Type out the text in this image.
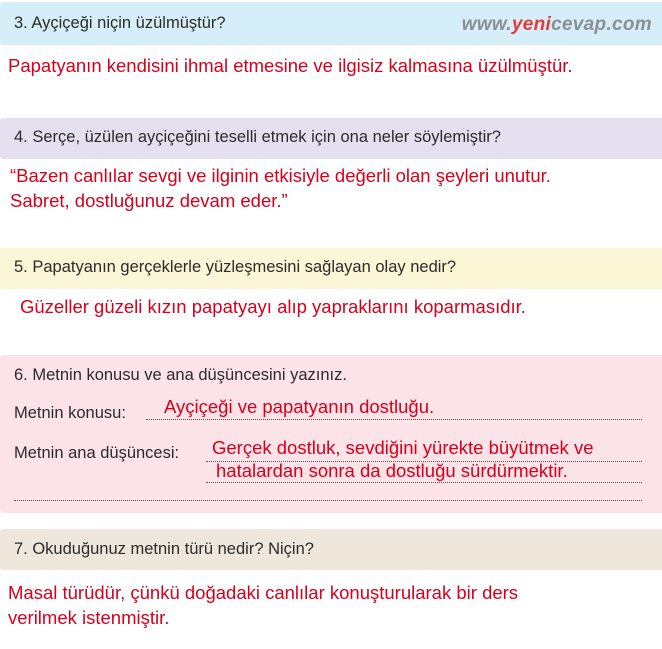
3. Ayçiçeği niçin üzülmüştür?	www.yenicevap.com
Papatyanın kendisini ihmal etmesine ve ilgisiz kalmasına üzülmüştür.
4. Serçe, üzülen ayçiçeğini teselli etmek için ona neler söylemiştir?
“Bazen canlılar sevgi ve ilginin etkisiyle değerli olan şeyleri unutur.
Sabret, dostluğunuz devam eder.”
5. Papatyanın gerçeklerle yüzleşmesini sağlayan olay nedir?
Güzeller güzeli kızın papatyayı alıp yapraklarını koparmasıdır.
6. Metnin konusu ve ana düşüncesini yazınız.
Metnin konusu: Ayçiçeği ve papatyanın dostluğu.
Metnin ana düşüncesi: Gerçek dostluk, sevdiğini yürekte büyütmek ve
hatalardan sonra da dostluğu sürdürmektir.
7. Okuduğunuz metnin türü nedir? Niçin?
Masal türüdür, çünkü doğadaki canlılar konuşturularak bir ders
verilmek istenmiştir.
